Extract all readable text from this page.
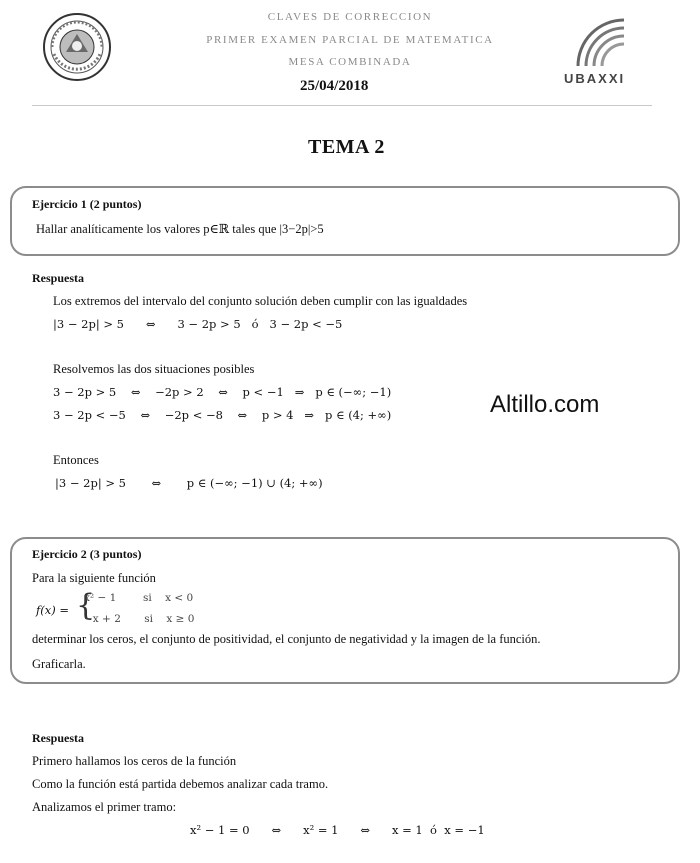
CLAVES DE CORRECCION
PRIMER EXAMEN PARCIAL DE MATEMATICA
MESA COMBINADA
25/04/2018	UBAXXI
TEMA 2
Ejercicio 1 (2 puntos)
Hallar analíticamente los valores p∈ℝ tales que |3−2p|>5
Respuesta
Los extremos del intervalo del conjunto solución deben cumplir con las igualdades
|3 − 2p| > 5      ⇔      3 − 2p > 5   ó   3 − 2p < −5
Resolvemos las dos situaciones posibles
3 − 2p > 5    ⇔    −2p > 2    ⇔    p < −1   ⇒   p ∈ (−∞; −1)
3 − 2p < −5    ⇔    −2p < −8    ⇔    p > 4   ⇒   p ∈ (4; +∞)
Entonces
|3 − 2p| > 5       ⇔       p ∈ (−∞; −1) ∪ (4; +∞)
Altillo.com
Ejercicio 2 (3 puntos)
Para la siguiente función
f(x) = {
x² − 1        si    x < 0
−x + 2       si    x ≥ 0
determinar los ceros, el conjunto de positividad, el conjunto de negatividad y la imagen de la función.
Graficarla.
Respuesta
Primero hallamos los ceros de la función
Como la función está partida debemos analizar cada tramo.
Analizamos el primer tramo:
x² − 1 = 0      ⇔      x² = 1      ⇔      x = 1  ó  x = −1
